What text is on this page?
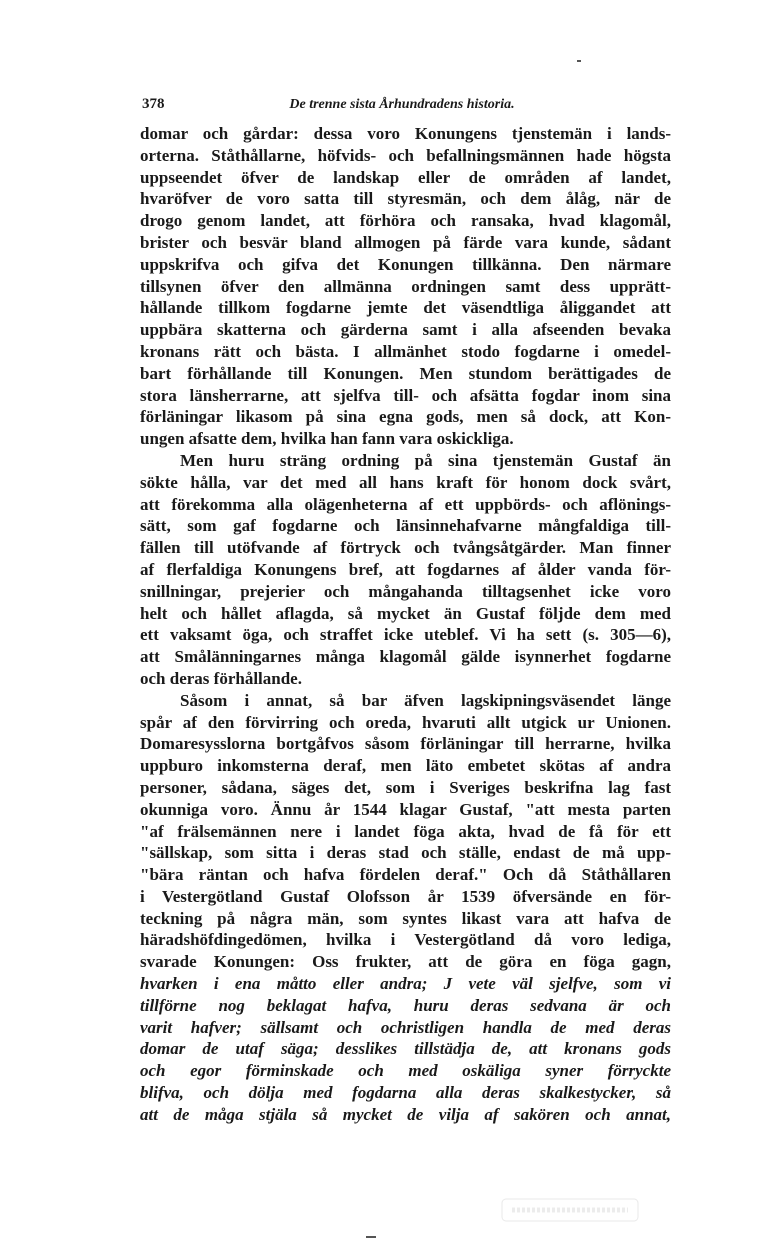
378	De trenne sista Århundradens historia.
domar och gårdar: dessa voro Konungens tjenstemän i lands-
orterna. Ståthållarne, höfvids- och befallningsmännen hade högsta
uppseendet öfver de landskap eller de områden af landet,
hvaröfver de voro satta till styresmän, och dem ålåg, när de
drogo genom landet, att förhöra och ransaka, hvad klagomål,
brister och besvär bland allmogen på färde vara kunde, sådant
uppskrifva och gifva det Konungen tillkänna. Den närmare
tillsynen öfver den allmänna ordningen samt dess upprätt-
hållande tillkom fogdarne jemte det väsendtliga åliggandet att
uppbära skatterna och gärderna samt i alla afseenden bevaka
kronans rätt och bästa. I allmänhet stodo fogdarne i omedel-
bart förhållande till Konungen. Men stundom berättigades de
stora länsherrarne, att sjelfva till- och afsätta fogdar inom sina
förläningar likasom på sina egna gods, men så dock, att Kon-
ungen afsatte dem, hvilka han fann vara oskickliga.
Men huru sträng ordning på sina tjenstemän Gustaf än
sökte hålla, var det med all hans kraft för honom dock svårt,
att förekomma alla olägenheterna af ett uppbörds- och aflönings-
sätt, som gaf fogdarne och länsinnehafvarne mångfaldiga till-
fällen till utöfvande af förtryck och tvångsåtgärder. Man finner
af flerfaldiga Konungens bref, att fogdarnes af ålder vanda för-
snillningar, prejerier och mångahanda tilltagsenhet icke voro
helt och hållet aflagda, så mycket än Gustaf följde dem med
ett vaksamt öga, och straffet icke uteblef. Vi ha sett (s. 305—6),
att Smålänningarnes många klagomål gälde isynnerhet fogdarne
och deras förhållande.
Såsom i annat, så bar äfven lagskipningsväsendet länge
spår af den förvirring och oreda, hvaruti allt utgick ur Unionen.
Domaresysslorna bortgåfvos såsom förläningar till herrarne, hvilka
uppburo inkomsterna deraf, men läto embetet skötas af andra
personer, sådana, säges det, som i Sveriges beskrifna lag fast
okunniga voro. Ännu år 1544 klagar Gustaf, "att mesta parten
"af frälsemännen nere i landet föga akta, hvad de få för ett
"sällskap, som sitta i deras stad och ställe, endast de må upp-
"bära räntan och hafva fördelen deraf." Och då Ståthållaren
i Vestergötland Gustaf Olofsson år 1539 öfversände en för-
teckning på några män, som syntes likast vara att hafva de
häradshöfdingedömen, hvilka i Vestergötland då voro lediga,
svarade Konungen: Oss frukter, att de göra en föga gagn,
hvarken i ena måtto eller andra; J vete väl sjelfve, som vi
tillförne nog beklagat hafva, huru deras sedvana är och
varit hafver; sällsamt och ochristligen handla de med deras
domar de utaf säga; desslikes tillstädja de, att kronans gods
och egor förminskade och med oskäliga syner förryckte
blifva, och dölja med fogdarna alla deras skalkestycker, så
att de måga stjäla så mycket de vilja af sakören och annat,
